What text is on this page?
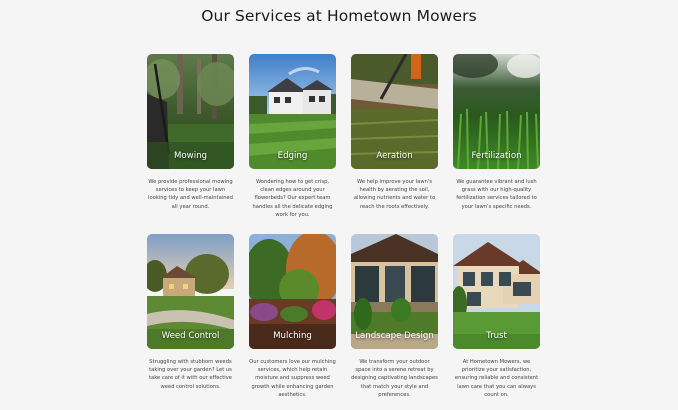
Our Services at Hometown Mowers
Mowing
We provide professional mowing services to keep your lawn looking tidy and well-maintained all year round.
Edging
Wondering how to get crisp, clean edges around your flowerbeds? Our expert team handles all the delicate edging work for you.
Aeration
We help improve your lawn's health by aerating the soil, allowing nutrients and water to reach the roots effectively.
Fertilization
We guarantee vibrant and lush grass with our high-quality fertilization services tailored to your lawn's specific needs.
Weed Control
Struggling with stubborn weeds taking over your garden? Let us take care of it with our effective weed control solutions.
Mulching
Our customers love our mulching services, which help retain moisture and suppress weed growth while enhancing garden aesthetics.
Landscape Design
We transform your outdoor space into a serene retreat by designing captivating landscapes that match your style and preferences.
Trust
At Hometown Mowers, we prioritize your satisfaction, ensuring reliable and consistent lawn care that you can always count on.
